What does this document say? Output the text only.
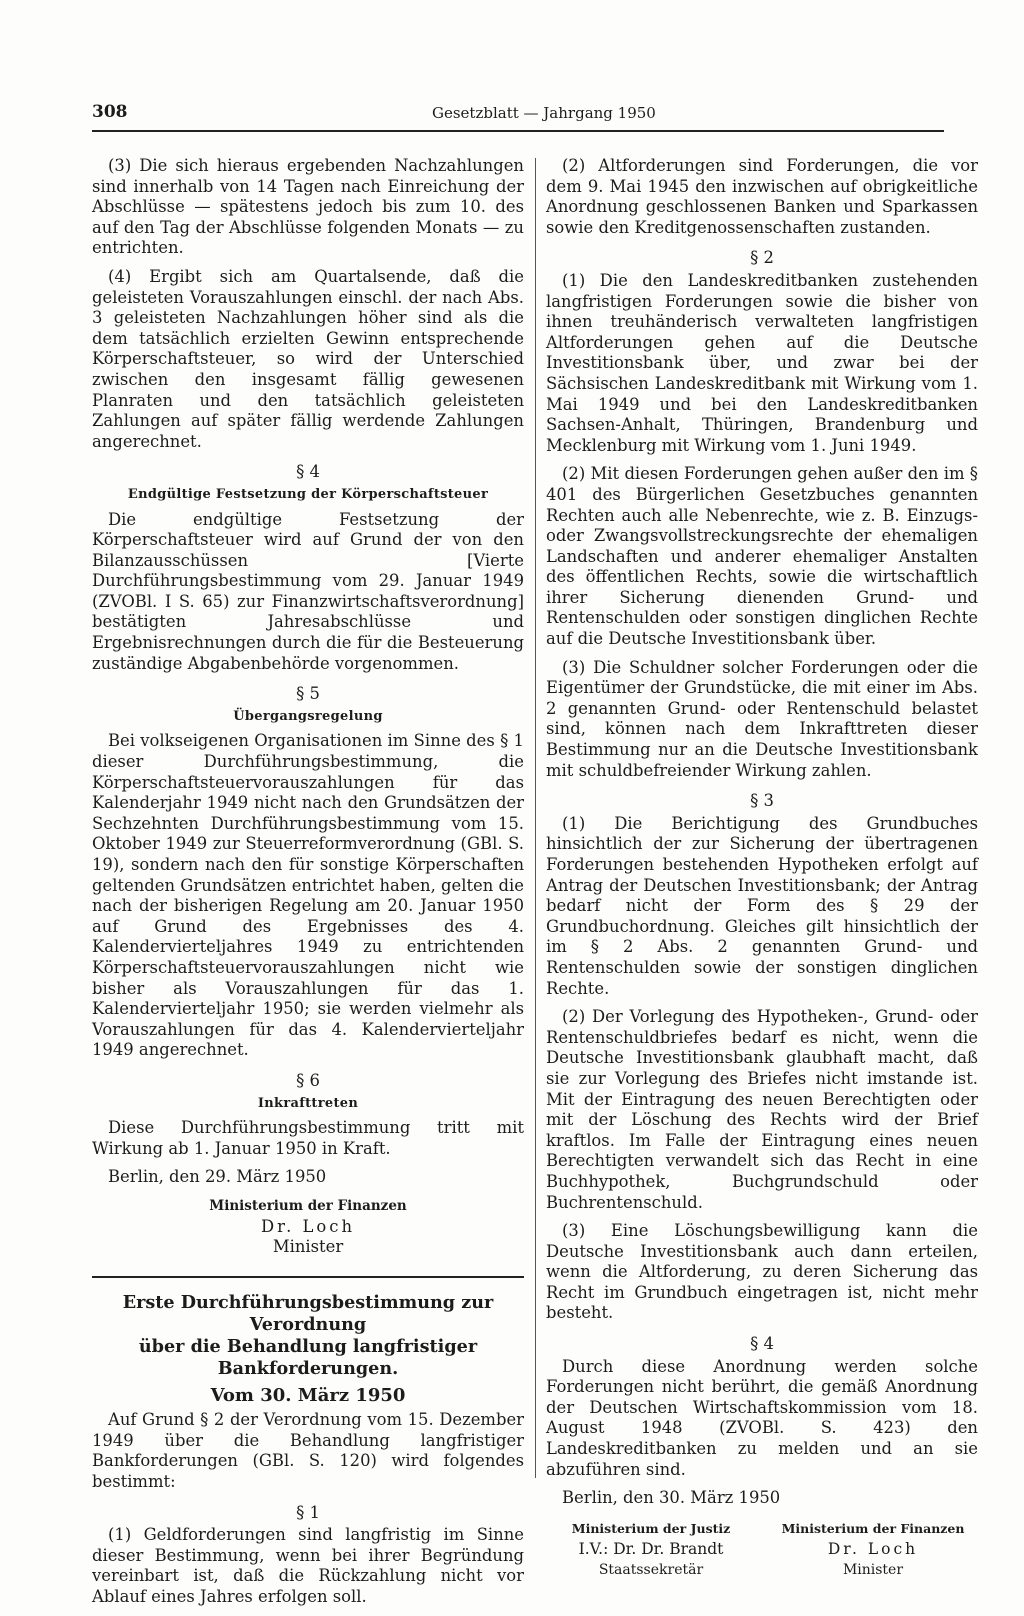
308	Gesetzblatt — Jahrgang 1950

(3) Die sich hieraus ergebenden Nachzahlungen sind innerhalb von 14 Tagen nach Einreichung der Abschlüsse — spätestens jedoch bis zum 10. des auf den Tag der Abschlüsse folgenden Monats — zu entrichten.

(4) Ergibt sich am Quartalsende, daß die geleisteten Vorauszahlungen einschl. der nach Abs. 3 geleisteten Nachzahlungen höher sind als die dem tatsächlich erzielten Gewinn entsprechende Körperschaftsteuer, so wird der Unterschied zwischen den insgesamt fällig gewesenen Planraten und den tatsächlich geleisteten Zahlungen auf später fällig werdende Zahlungen angerechnet.

§ 4
Endgültige Festsetzung der Körperschaftsteuer

Die endgültige Festsetzung der Körperschaftsteuer wird auf Grund der von den Bilanzausschüssen [Vierte Durchführungsbestimmung vom 29. Januar 1949 (ZVOBl. I S. 65) zur Finanzwirtschaftsverordnung] bestätigten Jahresabschlüsse und Ergebnisrechnungen durch die für die Besteuerung zuständige Abgabenbehörde vorgenommen.

§ 5
Übergangsregelung

Bei volkseigenen Organisationen im Sinne des § 1 dieser Durchführungsbestimmung, die Körperschaftsteuervorauszahlungen für das Kalenderjahr 1949 nicht nach den Grundsätzen der Sechzehnten Durchführungsbestimmung vom 15. Oktober 1949 zur Steuerreformverordnung (GBl. S. 19), sondern nach den für sonstige Körperschaften geltenden Grundsätzen entrichtet haben, gelten die nach der bisherigen Regelung am 20. Januar 1950 auf Grund des Ergebnisses des 4. Kalendervierteljahres 1949 zu entrichtenden Körperschaftsteuervorauszahlungen nicht wie bisher als Vorauszahlungen für das 1. Kalendervierteljahr 1950; sie werden vielmehr als Vorauszahlungen für das 4. Kalendervierteljahr 1949 angerechnet.

§ 6
Inkrafttreten

Diese Durchführungsbestimmung tritt mit Wirkung ab 1. Januar 1950 in Kraft.

Berlin, den 29. März 1950

Ministerium der Finanzen
Dr. Loch
Minister
Erste Durchführungsbestimmung zur Verordnung
über die Behandlung langfristiger
Bankforderungen.
Vom 30. März 1950

Auf Grund § 2 der Verordnung vom 15. Dezember 1949 über die Behandlung langfristiger Bankforderungen (GBl. S. 120) wird folgendes bestimmt:

§ 1

(1) Geldforderungen sind langfristig im Sinne dieser Bestimmung, wenn bei ihrer Begründung vereinbart ist, daß die Rückzahlung nicht vor Ablauf eines Jahres erfolgen soll.

(2) Altforderungen sind Forderungen, die vor dem 9. Mai 1945 den inzwischen auf obrigkeitliche Anordnung geschlossenen Banken und Sparkassen sowie den Kreditgenossenschaften zustanden.

§ 2

(1) Die den Landeskreditbanken zustehenden langfristigen Forderungen sowie die bisher von ihnen treuhänderisch verwalteten langfristigen Altforderungen gehen auf die Deutsche Investitionsbank über, und zwar bei der Sächsischen Landeskreditbank mit Wirkung vom 1. Mai 1949 und bei den Landeskreditbanken Sachsen-Anhalt, Thüringen, Brandenburg und Mecklenburg mit Wirkung vom 1. Juni 1949.

(2) Mit diesen Forderungen gehen außer den im § 401 des Bürgerlichen Gesetzbuches genannten Rechten auch alle Nebenrechte, wie z. B. Einzugs- oder Zwangsvollstreckungsrechte der ehemaligen Landschaften und anderer ehemaliger Anstalten des öffentlichen Rechts, sowie die wirtschaftlich ihrer Sicherung dienenden Grund- und Rentenschulden oder sonstigen dinglichen Rechte auf die Deutsche Investitionsbank über.

(3) Die Schuldner solcher Forderungen oder die Eigentümer der Grundstücke, die mit einer im Abs. 2 genannten Grund- oder Rentenschuld belastet sind, können nach dem Inkrafttreten dieser Bestimmung nur an die Deutsche Investitionsbank mit schuldbefreiender Wirkung zahlen.

§ 3

(1) Die Berichtigung des Grundbuches hinsichtlich der zur Sicherung der übertragenen Forderungen bestehenden Hypotheken erfolgt auf Antrag der Deutschen Investitionsbank; der Antrag bedarf nicht der Form des § 29 der Grundbuchordnung. Gleiches gilt hinsichtlich der im § 2 Abs. 2 genannten Grund- und Rentenschulden sowie der sonstigen dinglichen Rechte.

(2) Der Vorlegung des Hypotheken-, Grund- oder Rentenschuldbriefes bedarf es nicht, wenn die Deutsche Investitionsbank glaubhaft macht, daß sie zur Vorlegung des Briefes nicht imstande ist. Mit der Eintragung des neuen Berechtigten oder mit der Löschung des Rechts wird der Brief kraftlos. Im Falle der Eintragung eines neuen Berechtigten verwandelt sich das Recht in eine Buchhypothek, Buchgrundschuld oder Buchrentenschuld.

(3) Eine Löschungsbewilligung kann die Deutsche Investitionsbank auch dann erteilen, wenn die Altforderung, zu deren Sicherung das Recht im Grundbuch eingetragen ist, nicht mehr besteht.

§ 4

Durch diese Anordnung werden solche Forderungen nicht berührt, die gemäß Anordnung der Deutschen Wirtschaftskommission vom 18. August 1948 (ZVOBl. S. 423) den Landeskreditbanken zu melden und an sie abzuführen sind.

Berlin, den 30. März 1950

Ministerium der Justiz
I.V.: Dr. Dr. Brandt
Staatssekretär
Ministerium der Finanzen
Dr. Loch
Minister
